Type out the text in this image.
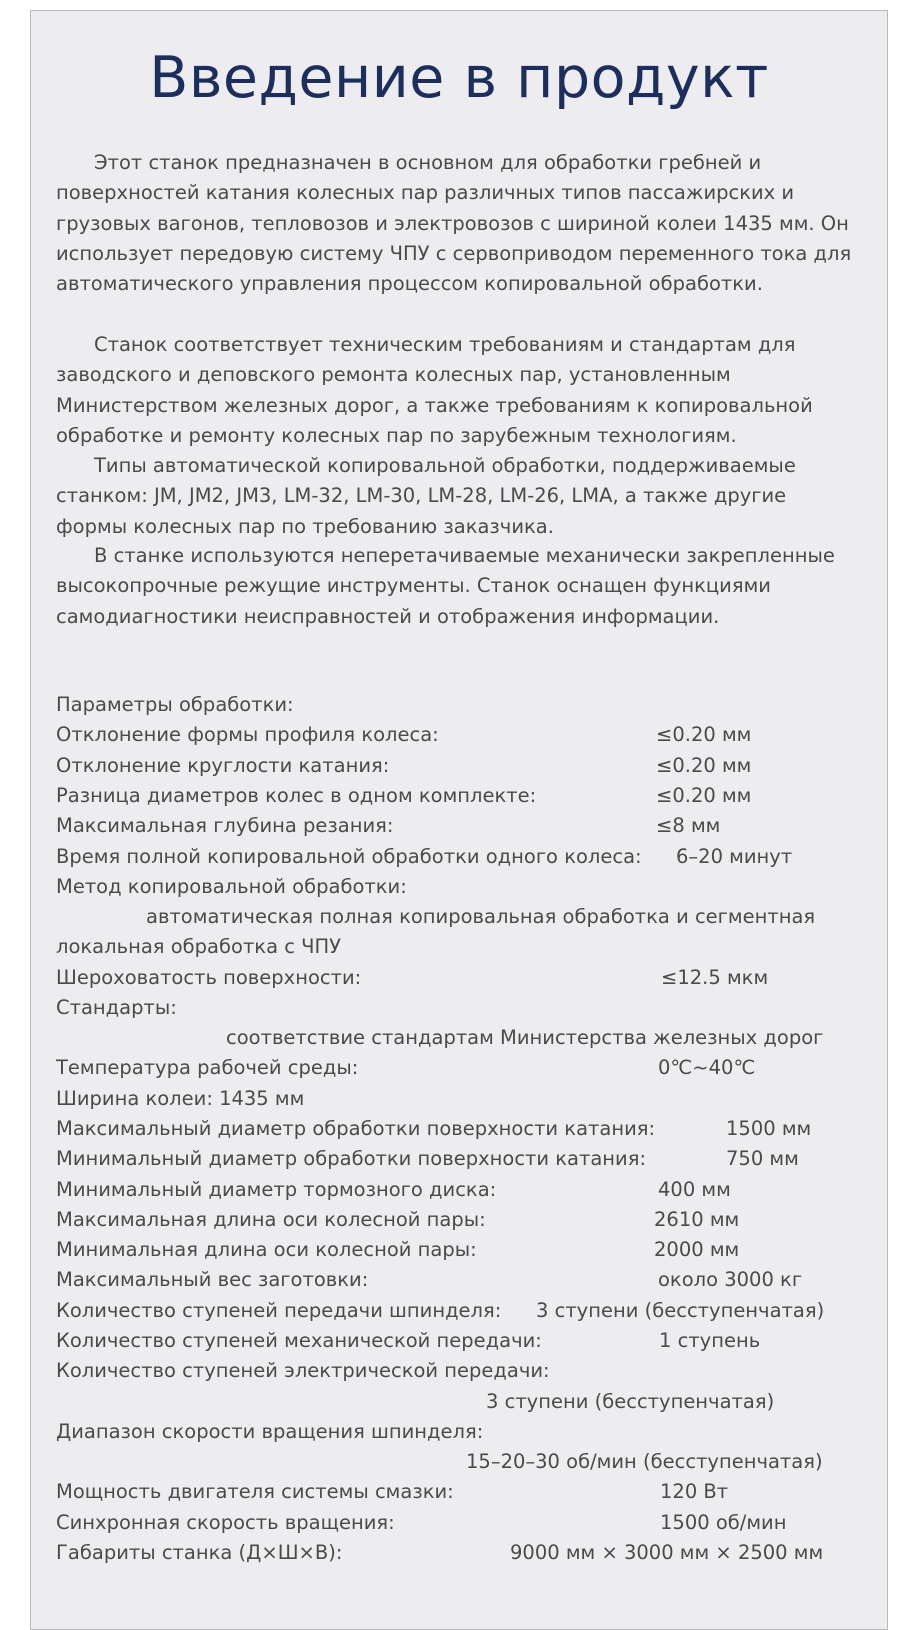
Введение в продукт

Этот станок предназначен в основном для обработки гребней и поверхностей катания колесных пар различных типов пассажирских и грузовых вагонов, тепловозов и электровозов с шириной колеи 1435 мм. Он использует передовую систему ЧПУ с сервоприводом переменного тока для автоматического управления процессом копировальной обработки.

Станок соответствует техническим требованиям и стандартам для заводского и деповского ремонта колесных пар, установленным Министерством железных дорог, а также требованиям к копировальной обработке и ремонту колесных пар по зарубежным технологиям.

Типы автоматической копировальной обработки, поддерживаемые станком: JM, JM2, JM3, LM-32, LM-30, LM-28, LM-26, LMA, а также другие формы колесных пар по требованию заказчика.

В станке используются неперетачиваемые механически закрепленные высокопрочные режущие инструменты. Станок оснащен функциями самодиагностики неисправностей и отображения информации.

Параметры обработки:
Отклонение формы профиля колеса:	≤0.20 мм
Отклонение круглости катания:	≤0.20 мм
Разница диаметров колес в одном комплекте:	≤0.20 мм
Максимальная глубина резания:	≤8 мм
Время полной копировальной обработки одного колеса: 6–20 минут
Метод копировальной обработки:
автоматическая полная копировальная обработка и сегментная
локальная обработка с ЧПУ
Шероховатость поверхности:	≤12.5 мкм
Стандарты:
соответствие стандартам Министерства железных дорог
Температура рабочей среды:	0℃~40℃
Ширина колеи: 1435 мм
Максимальный диаметр обработки поверхности катания:	1500 мм
Минимальный диаметр обработки поверхности катания:	750 мм
Минимальный диаметр тормозного диска:	400 мм
Максимальная длина оси колесной пары:	2610 мм
Минимальная длина оси колесной пары:	2000 мм
Максимальный вес заготовки:	около 3000 кг
Количество ступеней передачи шпинделя: 3 ступени (бесступенчатая)
Количество ступеней механической передачи:	1 ступень
Количество ступеней электрической передачи:
3 ступени (бесступенчатая)
Диапазон скорости вращения шпинделя:
15–20–30 об/мин (бесступенчатая)
Мощность двигателя системы смазки:	120 Вт
Синхронная скорость вращения:	1500 об/мин
Габариты станка (Д×Ш×В):	9000 мм × 3000 мм × 2500 мм
